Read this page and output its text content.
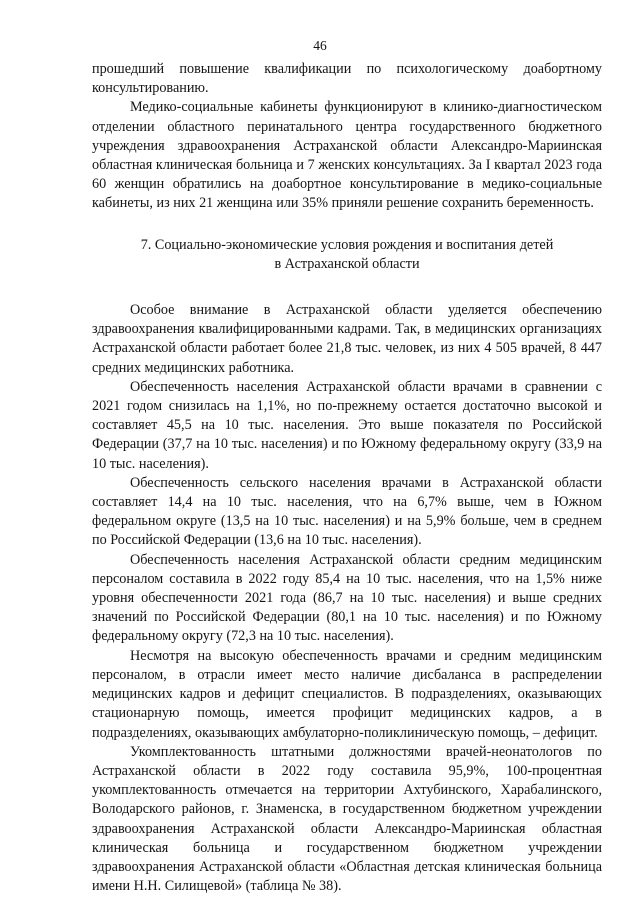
46

прошедший повышение квалификации по психологическому доабортному консультированию.

Медико-социальные кабинеты функционируют в клинико-диагностическом отделении областного перинатального центра государственного бюджетного учреждения здравоохранения Астраханской области Александро-Мариинская областная клиническая больница и 7 женских консультациях. За I квартал 2023 года 60 женщин обратились на доабортное консультирование в медико-социальные кабинеты, из них 21 женщина или 35% приняли решение сохранить беременность.

7. Социально-экономические условия рождения и воспитания детей
в Астраханской области

Особое внимание в Астраханской области уделяется обеспечению здравоохранения квалифицированными кадрами. Так, в медицинских организациях Астраханской области работает более 21,8 тыс. человек, из них 4 505 врачей, 8 447 средних медицинских работника.

Обеспеченность населения Астраханской области врачами в сравнении с 2021 годом снизилась на 1,1%, но по-прежнему остается достаточно высокой и составляет 45,5 на 10 тыс. населения. Это выше показателя по Российской Федерации (37,7 на 10 тыс. населения) и по Южному федеральному округу (33,9 на 10 тыс. населения).

Обеспеченность сельского населения врачами в Астраханской области составляет 14,4 на 10 тыс. населения, что на 6,7% выше, чем в Южном федеральном округе (13,5 на 10 тыс. населения) и на 5,9% больше, чем в среднем по Российской Федерации (13,6 на 10 тыс. населения).

Обеспеченность населения Астраханской области средним медицинским персоналом составила в 2022 году 85,4 на 10 тыс. населения, что на 1,5% ниже уровня обеспеченности 2021 года (86,7 на 10 тыс. населения) и выше средних значений по Российской Федерации (80,1 на 10 тыс. населения) и по Южному федеральному округу (72,3 на 10 тыс. населения).

Несмотря на высокую обеспеченность врачами и средним медицинским персоналом, в отрасли имеет место наличие дисбаланса в распределении медицинских кадров и дефицит специалистов. В подразделениях, оказывающих стационарную помощь, имеется профицит медицинских кадров, а в подразделениях, оказывающих амбулаторно-поликлиническую помощь, – дефицит.

Укомплектованность штатными должностями врачей-неонатологов по Астраханской области в 2022 году составила 95,9%, 100-процентная укомплектованность отмечается на территории Ахтубинского, Харабалинского, Володарского районов, г. Знаменска, в государственном бюджетном учреждении здравоохранения Астраханской области Александро-Мариинская областная клиническая больница и государственном бюджетном учреждении здравоохранения Астраханской области «Областная детская клиническая больница имени Н.Н. Силищевой» (таблица № 38).
